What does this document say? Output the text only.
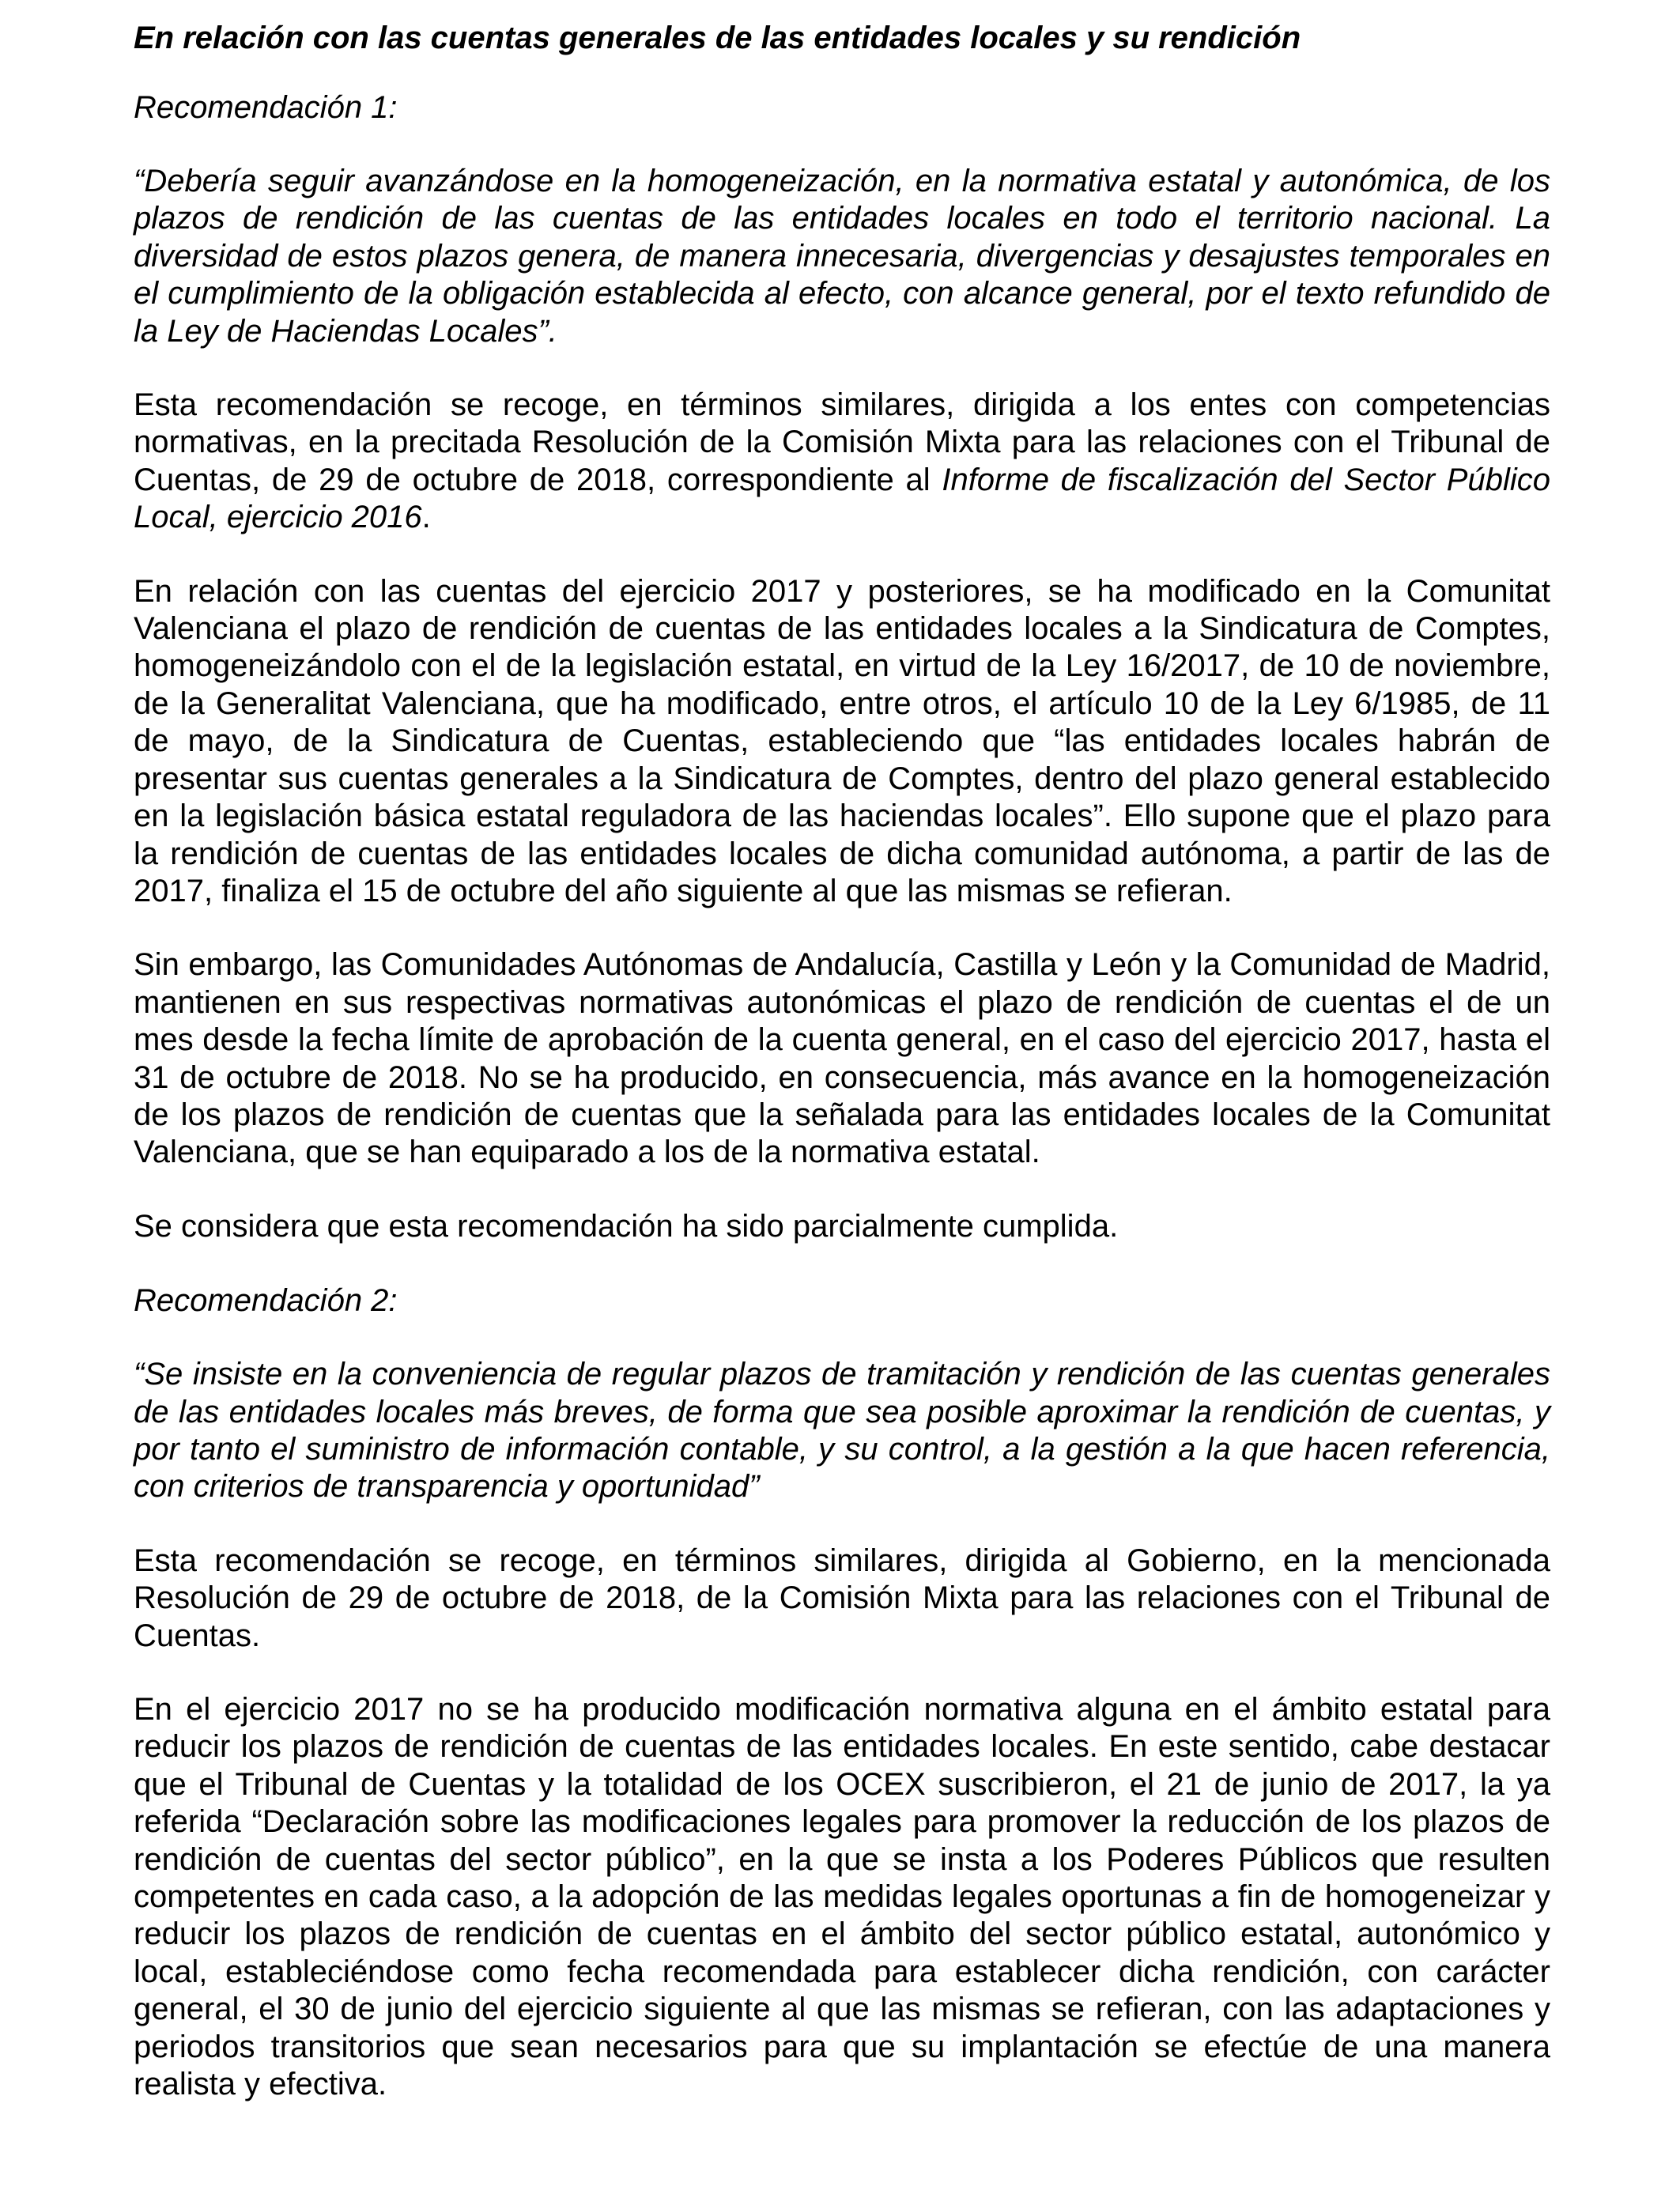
En relación con las cuentas generales de las entidades locales y su rendición
Recomendación 1:
“Debería seguir avanzándose en la homogeneización, en la normativa estatal y autonómica, de los plazos de rendición de las cuentas de las entidades locales en todo el territorio nacional. La diversidad de estos plazos genera, de manera innecesaria, divergencias y desajustes temporales en el cumplimiento de la obligación establecida al efecto, con alcance general, por el texto refundido de la Ley de Haciendas Locales”.
Esta recomendación se recoge, en términos similares, dirigida a los entes con competencias normativas, en la precitada Resolución de la Comisión Mixta para las relaciones con el Tribunal de Cuentas, de 29 de octubre de 2018, correspondiente al Informe de fiscalización del Sector Público Local, ejercicio 2016.
En relación con las cuentas del ejercicio 2017 y posteriores, se ha modificado en la Comunitat Valenciana el plazo de rendición de cuentas de las entidades locales a la Sindicatura de Comptes, homogeneizándolo con el de la legislación estatal, en virtud de la Ley 16/2017, de 10 de noviembre, de la Generalitat Valenciana, que ha modificado, entre otros, el artículo 10 de la Ley 6/1985, de 11 de mayo, de la Sindicatura de Cuentas, estableciendo que “las entidades locales habrán de presentar sus cuentas generales a la Sindicatura de Comptes, dentro del plazo general establecido en la legislación básica estatal reguladora de las haciendas locales”. Ello supone que el plazo para la rendición de cuentas de las entidades locales de dicha comunidad autónoma, a partir de las de 2017, finaliza el 15 de octubre del año siguiente al que las mismas se refieran.
Sin embargo, las Comunidades Autónomas de Andalucía, Castilla y León y la Comunidad de Madrid, mantienen en sus respectivas normativas autonómicas el plazo de rendición de cuentas el de un mes desde la fecha límite de aprobación de la cuenta general, en el caso del ejercicio 2017, hasta el 31 de octubre de 2018. No se ha producido, en consecuencia, más avance en la homogeneización de los plazos de rendición de cuentas que la señalada para las entidades locales de la Comunitat Valenciana, que se han equiparado a los de la normativa estatal.
Se considera que esta recomendación ha sido parcialmente cumplida.
Recomendación 2:
“Se insiste en la conveniencia de regular plazos de tramitación y rendición de las cuentas generales de las entidades locales más breves, de forma que sea posible aproximar la rendición de cuentas, y por tanto el suministro de información contable, y su control, a la gestión a la que hacen referencia, con criterios de transparencia y oportunidad”
Esta recomendación se recoge, en términos similares, dirigida al Gobierno, en la mencionada Resolución de 29 de octubre de 2018, de la Comisión Mixta para las relaciones con el Tribunal de Cuentas.
En el ejercicio 2017 no se ha producido modificación normativa alguna en el ámbito estatal para reducir los plazos de rendición de cuentas de las entidades locales. En este sentido, cabe destacar que el Tribunal de Cuentas y la totalidad de los OCEX suscribieron, el 21 de junio de 2017, la ya referida “Declaración sobre las modificaciones legales para promover la reducción de los plazos de rendición de cuentas del sector público”, en la que se insta a los Poderes Públicos que resulten competentes en cada caso, a la adopción de las medidas legales oportunas a fin de homogeneizar y reducir los plazos de rendición de cuentas en el ámbito del sector público estatal, autonómico y local, estableciéndose como fecha recomendada para establecer dicha rendición, con carácter general, el 30 de junio del ejercicio siguiente al que las mismas se refieran, con las adaptaciones y periodos transitorios que sean necesarios para que su implantación se efectúe de una manera realista y efectiva.
